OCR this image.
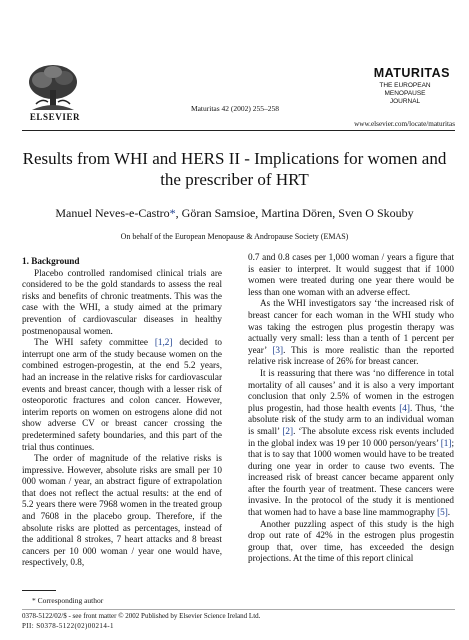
ELSEVIER
Maturitas 42 (2002) 255–258
MATURITAS
THE EUROPEAN
MENOPAUSE
JOURNAL
www.elsevier.com/locate/maturitas
Results from WHI and HERS II - Implications for women and
the prescriber of HRT
Manuel Neves-e-Castro*, Göran Samsioe, Martina Dören, Sven O Skouby
On behalf of the European Menopause & Andropause Society (EMAS)

1. Background

Placebo controlled randomised clinical trials are considered to be the gold standards to assess the real risks and benefits of chronic treatments. This was the case with the WHI, a study aimed at the primary prevention of cardiovascular diseases in healthy postmenopausal women.

The WHI safety committee [1,2] decided to interrupt one arm of the study because women on the combined estrogen-progestin, at the end 5.2 years, had an increase in the relative risks for cardiovascular events and breast cancer, though with a lesser risk of osteoporotic fractures and colon cancer. However, interim reports on women on estrogens alone did not show adverse CV or breast cancer crossing the predetermined safety boundaries, and this part of the trial thus continues.

The order of magnitude of the relative risks is impressive. However, absolute risks are small per 10 000 woman / year, an abstract figure of extrapolation that does not reflect the actual results: at the end of 5.2 years there were 7968 women in the treated group and 7608 in the placebo group. Therefore, if the absolute risks are plotted as percentages, instead of the additional 8 strokes, 7 heart attacks and 8 breast cancers per 10 000 woman / year one would have, respectively, 0.8,

* Corresponding author

0.7 and 0.8 cases per 1,000 woman / years a figure that is easier to interpret. It would suggest that if 1000 women were treated during one year there would be less than one woman with an adverse effect.

As the WHI investigators say ‘the increased risk of breast cancer for each woman in the WHI study who was taking the estrogen plus progestin therapy was actually very small: less than a tenth of 1 percent per year’ [3]. This is more realistic than the reported relative risk increase of 26% for breast cancer.

It is reassuring that there was ‘no difference in total mortality of all causes’ and it is also a very important conclusion that only 2.5% of women in the estrogen plus progestin, had those health events [4]. Thus, ‘the absolute risk of the study arm to an individual woman is small’ [2]. ‘The absolute excess risk events included in the global index was 19 per 10 000 person/years’ [1]; that is to say that 1000 women would have to be treated during one year in order to cause two events. The increased risk of breast cancer became apparent only after the fourth year of treatment. These cancers were invasive. In the protocol of the study it is mentioned that women had to have a base line mammography [5].

Another puzzling aspect of this study is the high drop out rate of 42% in the estrogen plus progestin group that, over time, has exceeded the design projections. At the time of this report clinical

0378-5122/02/$ - see front matter © 2002 Published by Elsevier Science Ireland Ltd.
PII: S0378-5122(02)00214-1
